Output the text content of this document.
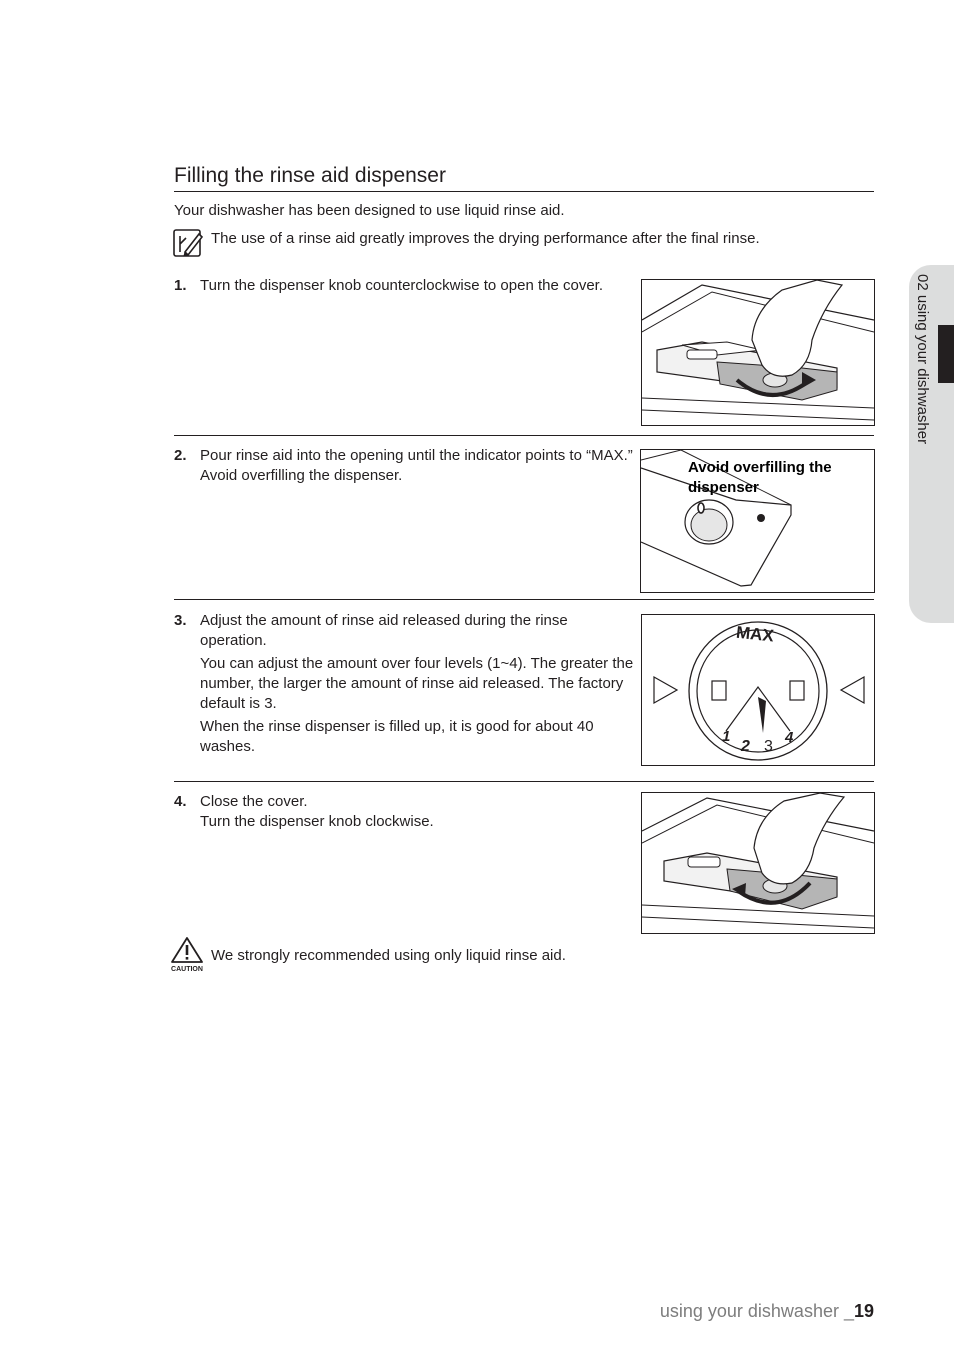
Filling the rinse aid dispenser
Your dishwasher has been designed to use liquid rinse aid.
The use of a rinse aid greatly improves the drying performance after the final rinse.
1. Turn the dispenser knob counterclockwise to open the cover.

2. Pour rinse aid into the opening until the indicator points to “MAX.” Avoid overfilling the dispenser.	Avoid overfilling the dispenser
3. Adjust the amount of rinse aid released during the rinse operation.

You can adjust the amount over four levels (1~4). The greater the number, the larger the amount of rinse aid released. The factory default is 3.

When the rinse dispenser is filled up, it is good for about 40 washes.

MAX
1
2 3
4
4. Close the cover.
Turn the dispenser knob clockwise.
CAUTION
We strongly recommended using only liquid rinse aid.
02 using your dishwasher
using your dishwasher _19
